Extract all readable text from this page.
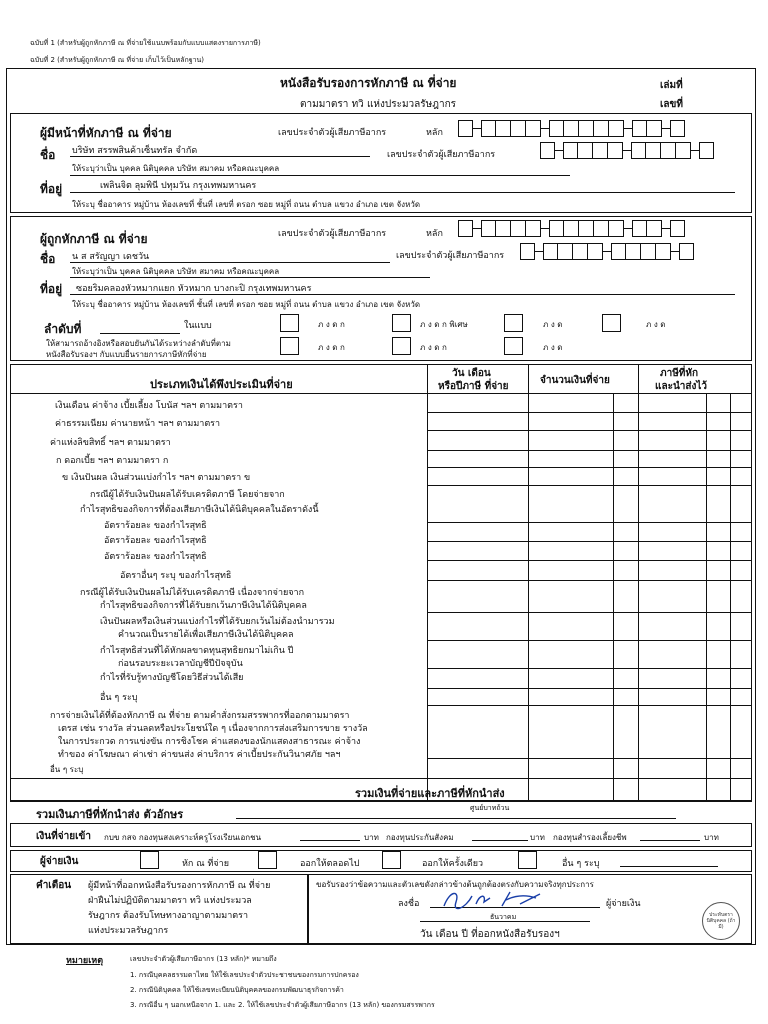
ฉบับที่ 1 (สำหรับผู้ถูกหักภาษี ณ ที่จ่ายใช้แนบพร้อมกับแบบแสดงรายการภาษี)
ฉบับที่ 2 (สำหรับผู้ถูกหักภาษี ณ ที่จ่าย เก็บไว้เป็นหลักฐาน)
หนังสือรับรองการหักภาษี ณ ที่จ่าย
ตามมาตรา ทวิ แห่งประมวลรัษฎากร
เล่มที่
เลขที่
ผู้มีหน้าที่หักภาษี ณ ที่จ่าย	เลขประจำตัวผู้เสียภาษีอากร	หลัก
ชื่อ บริษัท สรรพสินค้าเซ็นทรัล จำกัด	เลขประจำตัวผู้เสียภาษีอากร
ให้ระบุว่าเป็น บุคคล นิติบุคคล บริษัท สมาคม หรือคณะบุคคล
ที่อยู่	เพลินจิต ลุมพินี ปทุมวัน กรุงเทพมหานคร
ให้ระบุ ชื่ออาคาร หมู่บ้าน ห้องเลขที่ ชั้นที่ เลขที่ ตรอก ซอย หมู่ที่ ถนน ตำบล แขวง อำเภอ เขต จังหวัด
ผู้ถูกหักภาษี ณ ที่จ่าย	เลขประจำตัวผู้เสียภาษีอากร	หลัก
ชื่อ น ส สรัญญา เดชวัน	เลขประจำตัวผู้เสียภาษีอากร
ให้ระบุว่าเป็น บุคคล นิติบุคคล บริษัท สมาคม หรือคณะบุคคล
ที่อยู่ ซอยริมคลองหัวหมากแยก หัวหมาก บางกะปิ กรุงเทพมหานคร
ให้ระบุ ชื่ออาคาร หมู่บ้าน ห้องเลขที่ ชั้นที่ เลขที่ ตรอก ซอย หมู่ที่ ถนน ตำบล แขวง อำเภอ เขต จังหวัด
ลำดับที่	ในแบบ
ให้สามารถอ้างอิงหรือสอบยันกันได้ระหว่างลำดับที่ตาม
หนังสือรับรองฯ กับแบบยื่นรายการภาษีหักที่จ่าย
ภ ง ด ก	ภ ง ด ก พิเศษ	ภ ง ด	ภ ง ด
ภ ง ด ก	ภ ง ด ก	ภ ง ด
ประเภทเงินได้พึงประเมินที่จ่าย
วัน เดือน
หรือปีภาษี ที่จ่าย
จำนวนเงินที่จ่าย
ภาษีที่หัก
และนำส่งไว้
เงินเดือน ค่าจ้าง เบี้ยเลี้ยง โบนัส ฯลฯ ตามมาตรา
ค่าธรรมเนียม ค่านายหน้า ฯลฯ ตามมาตรา
ค่าแห่งลิขสิทธิ์ ฯลฯ ตามมาตรา
ก ดอกเบี้ย ฯลฯ ตามมาตรา ก
ข เงินปันผล เงินส่วนแบ่งกำไร ฯลฯ ตามมาตรา ข
กรณีผู้ได้รับเงินปันผลได้รับเครดิตภาษี โดยจ่ายจาก
กำไรสุทธิของกิจการที่ต้องเสียภาษีเงินได้นิติบุคคลในอัตราดังนี้
อัตราร้อยละ ของกำไรสุทธิ
อัตราร้อยละ ของกำไรสุทธิ
อัตราร้อยละ ของกำไรสุทธิ
อัตราอื่นๆ ระบุ ของกำไรสุทธิ
กรณีผู้ได้รับเงินปันผลไม่ได้รับเครดิตภาษี เนื่องจากจ่ายจาก
กำไรสุทธิของกิจการที่ได้รับยกเว้นภาษีเงินได้นิติบุคคล
เงินปันผลหรือเงินส่วนแบ่งกำไรที่ได้รับยกเว้นไม่ต้องนำมารวม
คำนวณเป็นรายได้เพื่อเสียภาษีเงินได้นิติบุคคล
กำไรสุทธิส่วนที่ได้หักผลขาดทุนสุทธิยกมาไม่เกิน ปี
ก่อนรอบระยะเวลาบัญชีปีปัจจุบัน
กำไรที่รับรู้ทางบัญชีโดยวิธีส่วนได้เสีย
อื่น ๆ ระบุ
การจ่ายเงินได้ที่ต้องหักภาษี ณ ที่จ่าย ตามคำสั่งกรมสรรพากรที่ออกตามมาตรา
เตรส เช่น รางวัล ส่วนลดหรือประโยชน์ใด ๆ เนื่องจากการส่งเสริมการขาย รางวัล
ในการประกวด การแข่งขัน การชิงโชค ค่าแสดงของนักแสดงสาธารณะ ค่าจ้าง
ทำของ ค่าโฆษณา ค่าเช่า ค่าขนส่ง ค่าบริการ ค่าเบี้ยประกันวินาศภัย ฯลฯ
อื่น ๆ ระบุ
รวมเงินที่จ่ายและภาษีที่หักนำส่ง
รวมเงินภาษีที่หักนำส่ง ตัวอักษร	ศูนย์บาทถ้วน
เงินที่จ่ายเข้า กบข กสจ กองทุนสงเคราะห์ครูโรงเรียนเอกชน	บาท กองทุนประกันสังคม	บาท กองทุนสำรองเลี้ยงชีพ	บาท
ผู้จ่ายเงิน	หัก ณ ที่จ่าย	ออกให้ตลอดไป	ออกให้ครั้งเดียว	อื่น ๆ ระบุ
คำเตือน ผู้มีหน้าที่ออกหนังสือรับรองการหักภาษี ณ ที่จ่าย
ฝ่าฝืนไม่ปฏิบัติตามมาตรา ทวิ แห่งประมวล
รัษฎากร ต้องรับโทษทางอาญาตามมาตรา
แห่งประมวลรัษฎากร
ขอรับรองว่าข้อความและตัวเลขดังกล่าวข้างต้นถูกต้องตรงกับความจริงทุกประการ
ลงชื่อ	ผู้จ่ายเงิน
ธันวาคม
วัน เดือน ปี ที่ออกหนังสือรับรองฯ
ประทับตรา นิติบุคคล (ถ้ามี)
หมายเหตุ	เลขประจำตัวผู้เสียภาษีอากร (13 หลัก)* หมายถึง
1. กรณีบุคคลธรรมดาไทย ให้ใช้เลขประจำตัวประชาชนของกรมการปกครอง
2. กรณีนิติบุคคล ให้ใช้เลขทะเบียนนิติบุคคลของกรมพัฒนาธุรกิจการค้า
3. กรณีอื่น ๆ นอกเหนือจาก 1. และ 2. ให้ใช้เลขประจำตัวผู้เสียภาษีอากร (13 หลัก) ของกรมสรรพากร
